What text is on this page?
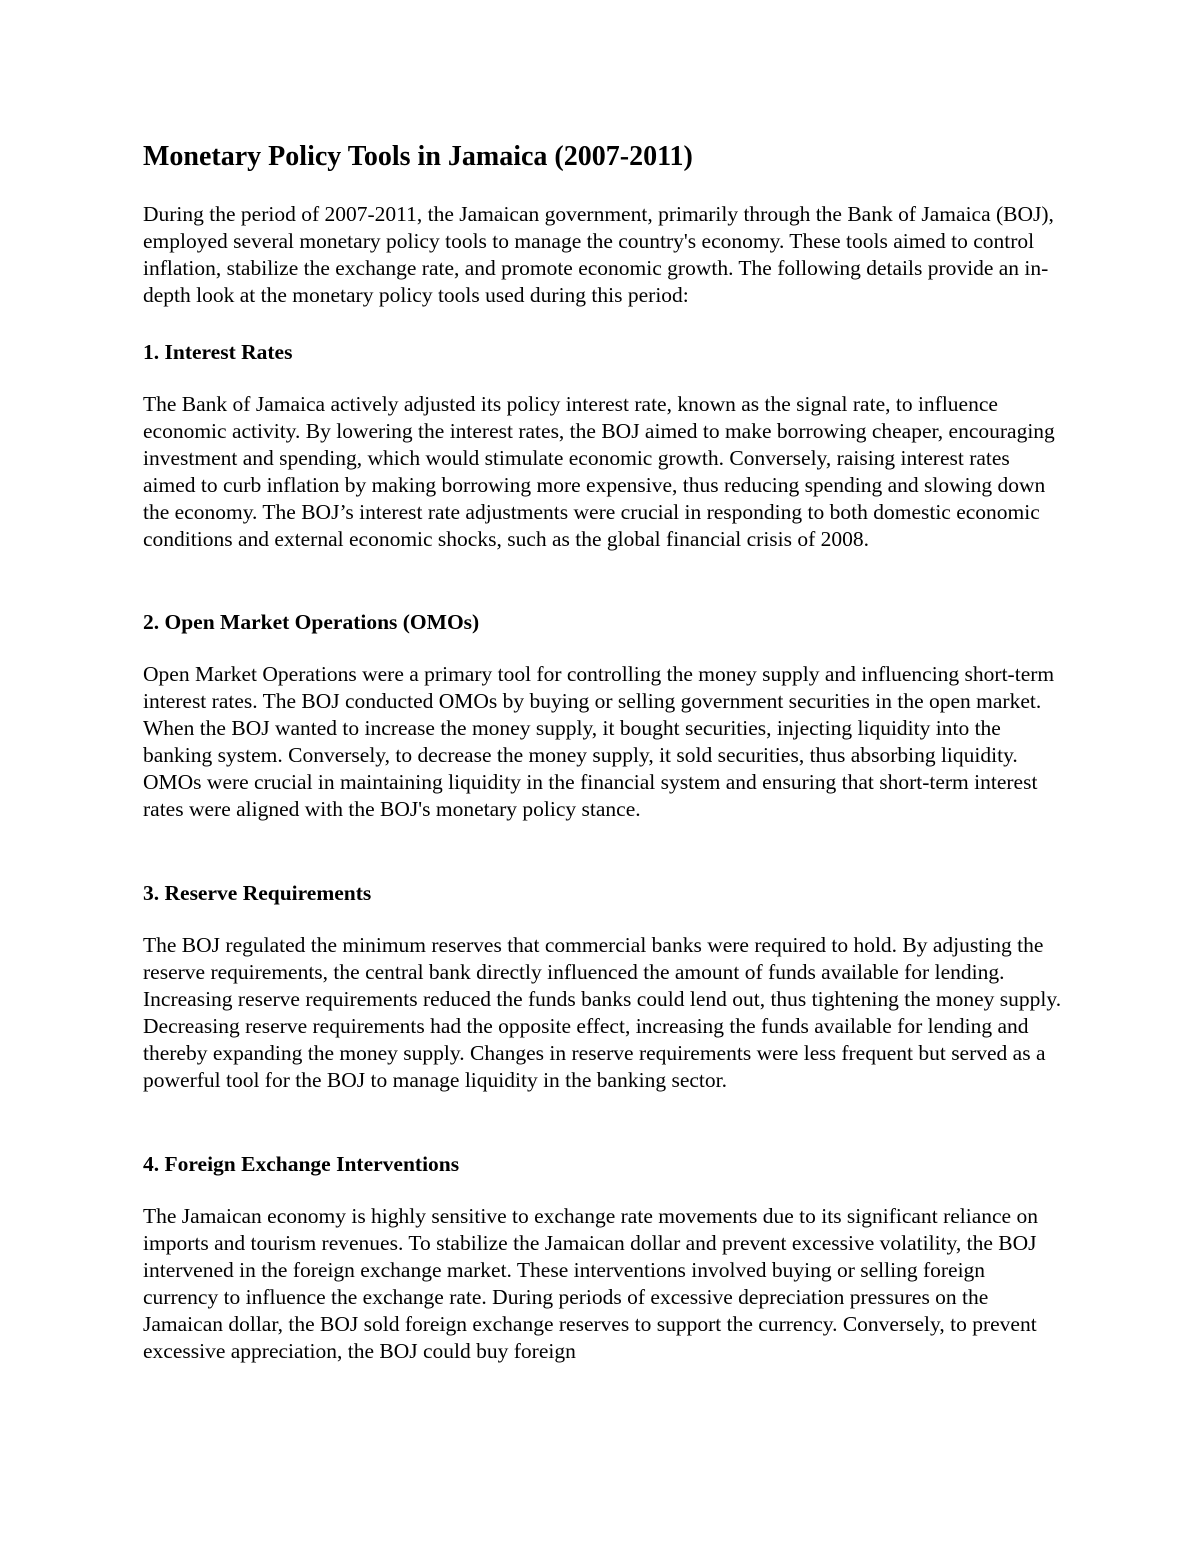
Monetary Policy Tools in Jamaica (2007-2011)

During the period of 2007-2011, the Jamaican government, primarily through the Bank of Jamaica (BOJ), employed several monetary policy tools to manage the country's economy. These tools aimed to control inflation, stabilize the exchange rate, and promote economic growth. The following details provide an in-depth look at the monetary policy tools used during this period:

1. Interest Rates

The Bank of Jamaica actively adjusted its policy interest rate, known as the signal rate, to influence economic activity. By lowering the interest rates, the BOJ aimed to make borrowing cheaper, encouraging investment and spending, which would stimulate economic growth. Conversely, raising interest rates aimed to curb inflation by making borrowing more expensive, thus reducing spending and slowing down the economy. The BOJ’s interest rate adjustments were crucial in responding to both domestic economic conditions and external economic shocks, such as the global financial crisis of 2008.

2. Open Market Operations (OMOs)

Open Market Operations were a primary tool for controlling the money supply and influencing short-term interest rates. The BOJ conducted OMOs by buying or selling government securities in the open market. When the BOJ wanted to increase the money supply, it bought securities, injecting liquidity into the banking system. Conversely, to decrease the money supply, it sold securities, thus absorbing liquidity. OMOs were crucial in maintaining liquidity in the financial system and ensuring that short-term interest rates were aligned with the BOJ's monetary policy stance.

3. Reserve Requirements

The BOJ regulated the minimum reserves that commercial banks were required to hold. By adjusting the reserve requirements, the central bank directly influenced the amount of funds available for lending. Increasing reserve requirements reduced the funds banks could lend out, thus tightening the money supply. Decreasing reserve requirements had the opposite effect, increasing the funds available for lending and thereby expanding the money supply. Changes in reserve requirements were less frequent but served as a powerful tool for the BOJ to manage liquidity in the banking sector.

4. Foreign Exchange Interventions

The Jamaican economy is highly sensitive to exchange rate movements due to its significant reliance on imports and tourism revenues. To stabilize the Jamaican dollar and prevent excessive volatility, the BOJ intervened in the foreign exchange market. These interventions involved buying or selling foreign currency to influence the exchange rate. During periods of excessive depreciation pressures on the Jamaican dollar, the BOJ sold foreign exchange reserves to support the currency. Conversely, to prevent excessive appreciation, the BOJ could buy foreign
